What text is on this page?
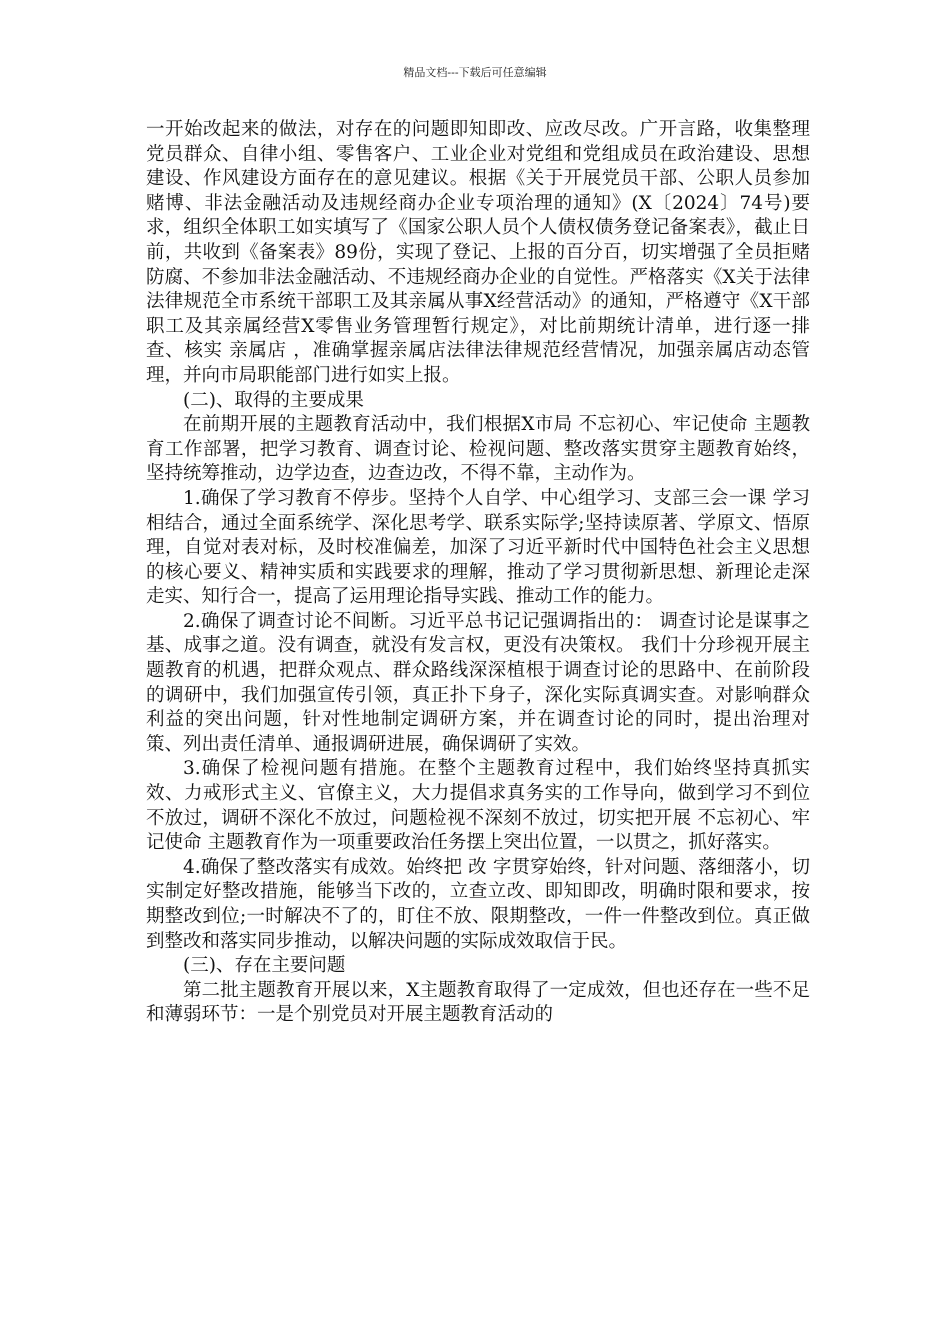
精品文档---下载后可任意编辑

一开始改起来的做法，对存在的问题即知即改、应改尽改。广开言路，收集整理党员群众、自律小组、零售客户、工业企业对党组和党组成员在政治建设、思想建设、作风建设方面存在的意见建议。根据《关于开展党员干部、公职人员参加赌博、非法金融活动及违规经商办企业专项治理的通知》(X〔2024〕74号)要求，组织全体职工如实填写了《国家公职人员个人债权债务登记备案表》，截止日前，共收到《备案表》89份，实现了登记、上报的百分百，切实增强了全员拒赌防腐、不参加非法金融活动、不违规经商办企业的自觉性。严格落实《X关于法律法律规范全市系统干部职工及其亲属从事X经营活动》的通知，严格遵守《X干部职工及其亲属经营X零售业务管理暂行规定》，对比前期统计清单，进行逐一排查、核实 亲属店 ，准确掌握亲属店法律法律规范经营情况，加强亲属店动态管理，并向市局职能部门进行如实上报。

(二)、取得的主要成果

在前期开展的主题教育活动中，我们根据X市局 不忘初心、牢记使命 主题教育工作部署，把学习教育、调查讨论、检视问题、整改落实贯穿主题教育始终，坚持统筹推动，边学边查，边查边改，不得不靠，主动作为。

1.确保了学习教育不停步。坚持个人自学、中心组学习、支部三会一课 学习相结合，通过全面系统学、深化思考学、联系实际学;坚持读原著、学原文、悟原理，自觉对表对标，及时校准偏差，加深了习近平新时代中国特色社会主义思想的核心要义、精神实质和实践要求的理解，推动了学习贯彻新思想、新理论走深走实、知行合一，提高了运用理论指导实践、推动工作的能力。

2.确保了调查讨论不间断。习近平总书记记强调指出的： 调查讨论是谋事之基、成事之道。没有调查，就没有发言权，更没有决策权。 我们十分珍视开展主题教育的机遇，把群众观点、群众路线深深植根于调查讨论的思路中、在前阶段的调研中，我们加强宣传引领，真正扑下身子，深化实际真调实查。对影响群众利益的突出问题，针对性地制定调研方案，并在调查讨论的同时，提出治理对策、列出责任清单、通报调研进展，确保调研了实效。

3.确保了检视问题有措施。在整个主题教育过程中，我们始终坚持真抓实效、力戒形式主义、官僚主义，大力提倡求真务实的工作导向，做到学习不到位不放过，调研不深化不放过，问题检视不深刻不放过，切实把开展 不忘初心、牢记使命 主题教育作为一项重要政治任务摆上突出位置，一以贯之，抓好落实。

4.确保了整改落实有成效。始终把 改 字贯穿始终，针对问题、落细落小，切实制定好整改措施，能够当下改的，立查立改、即知即改，明确时限和要求，按期整改到位;一时解决不了的，盯住不放、限期整改，一件一件整改到位。真正做到整改和落实同步推动，以解决问题的实际成效取信于民。

(三)、存在主要问题

第二批主题教育开展以来，X主题教育取得了一定成效，但也还存在一些不足和薄弱环节：一是个别党员对开展主题教育活动的
